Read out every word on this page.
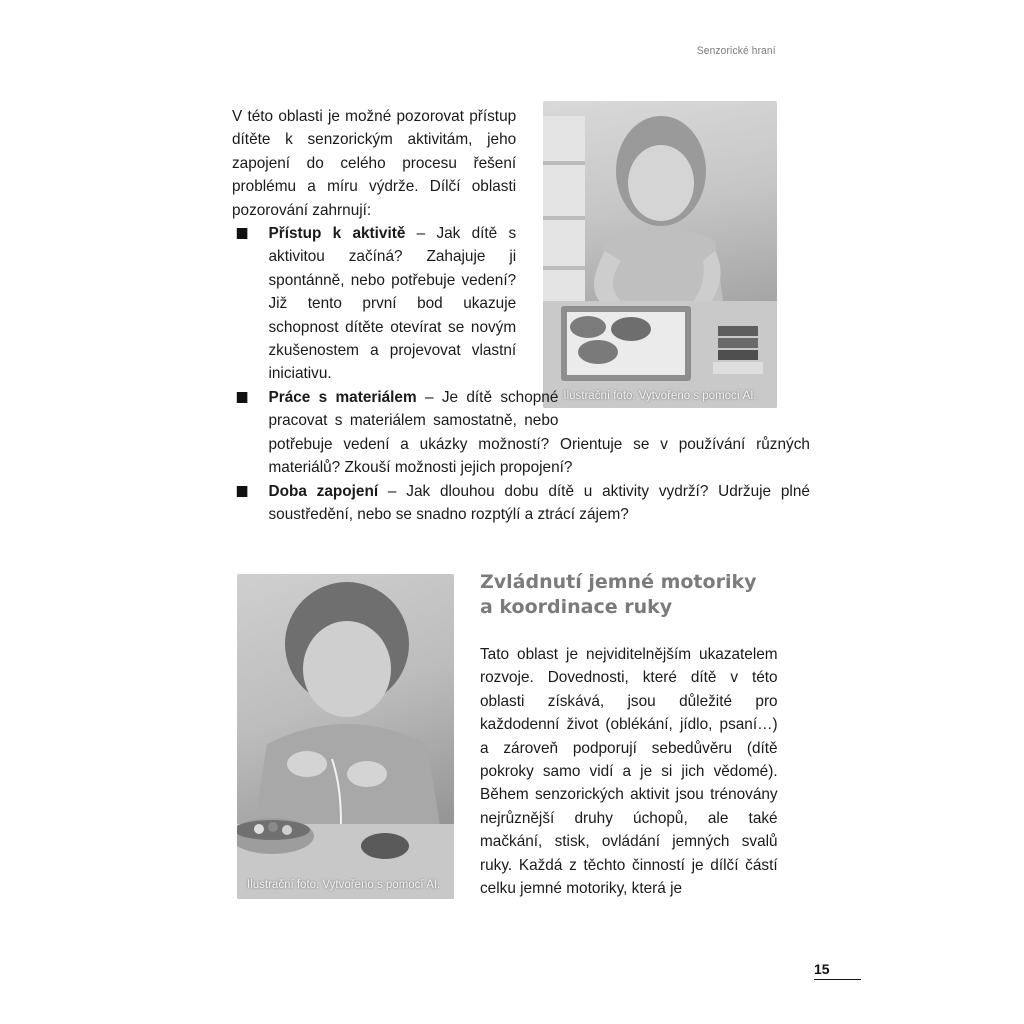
Senzorické hraní
Ilustrační foto. Vytvořeno s pomocí AI.
V této oblasti je možné pozorovat přístup dítěte k senzorickým aktivitám, jeho zapojení do celého procesu řešení problému a míru výdrže. Dílčí oblasti pozorování zahrnují:
Přístup k aktivitě – Jak dítě s aktivitou začíná? Zahajuje ji spontánně, nebo potřebuje vedení? Již tento první bod ukazuje schopnost dítěte otevírat se novým zkušenostem a projevovat vlastní iniciativu.
Práce s materiálem – Je dítě schopné pracovat s materiálem samostatně, nebo potřebuje vedení a ukázky možností? Orientuje se v používání různých materiálů? Zkouší možnosti jejich propojení?
Doba zapojení – Jak dlouhou dobu dítě u aktivity vydrží? Udržuje plné soustředění, nebo se snadno rozptýlí a ztrácí zájem?
Ilustrační foto. Vytvořeno s pomocí AI.
Zvládnutí jemné motoriky
a koordinace ruky
Tato oblast je nejviditelnějším ukazatelem rozvoje. Dovednosti, které dítě v této oblasti získává, jsou důležité pro každodenní život (oblékání, jídlo, psaní…) a zároveň podporují sebedůvěru (dítě pokroky samo vidí a je si jich vědomé). Během senzorických aktivit jsou trénovány nejrůznější druhy úchopů, ale také mačkání, stisk, ovládání jemných svalů ruky. Každá z těchto činností je dílčí částí celku jemné motoriky, která je
15
